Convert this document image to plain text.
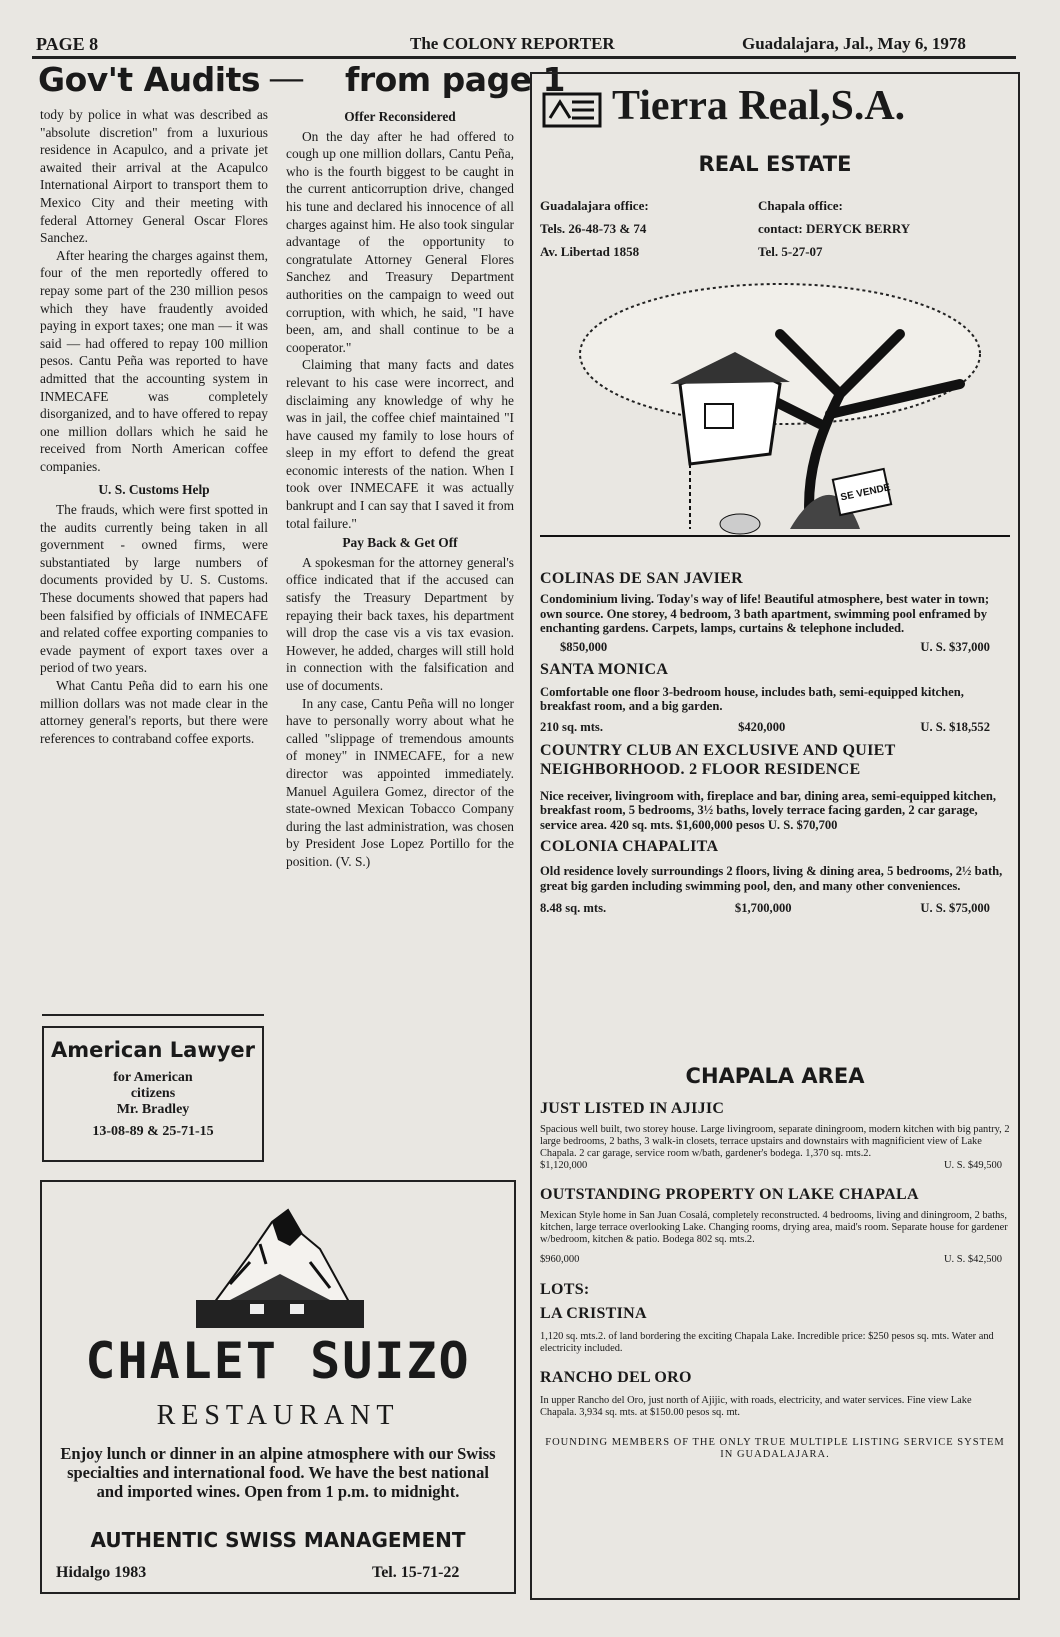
PAGE 8	The COLONY REPORTER	Guadalajara, Jal., May 6, 1978
Gov't Audits — from page 1

tody by police in what was described as "absolute discretion" from a luxurious residence in Acapulco, and a private jet awaited their arrival at the Acapulco International Airport to transport them to Mexico City and their meeting with federal Attorney General Oscar Flores Sanchez.

After hearing the charges against them, four of the men reportedly offered to repay some part of the 230 million pesos which they have fraudently avoided paying in export taxes; one man — it was said — had offered to repay 100 million pesos. Cantu Peña was reported to have admitted that the accounting system in INMECAFE was completely disorganized, and to have offered to repay one million dollars which he said he received from North American coffee companies.

U. S. Customs Help

The frauds, which were first spotted in the audits currently being taken in all government - owned firms, were substantiated by large numbers of documents provided by U. S. Customs. These documents showed that papers had been falsified by officials of INMECAFE and related coffee exporting companies to evade payment of export taxes over a period of two years.

What Cantu Peña did to earn his one million dollars was not made clear in the attorney general's reports, but there were references to contraband coffee exports.

Offer Reconsidered

On the day after he had offered to cough up one million dollars, Cantu Peña, who is the fourth biggest to be caught in the current anticorruption drive, changed his tune and declared his innocence of all charges against him. He also took singular advantage of the opportunity to congratulate Attorney General Flores Sanchez and Treasury Department authorities on the campaign to weed out corruption, with which, he said, "I have been, am, and shall continue to be a cooperator."

Claiming that many facts and dates relevant to his case were incorrect, and disclaiming any knowledge of why he was in jail, the coffee chief maintained "I have caused my family to lose hours of sleep in my effort to defend the great economic interests of the nation. When I took over INMECAFE it was actually bankrupt and I can say that I saved it from total failure."

Pay Back & Get Off

A spokesman for the attorney general's office indicated that if the accused can satisfy the Treasury Department by repaying their back taxes, his department will drop the case vis a vis tax evasion. However, he added, charges will still hold in connection with the falsification and use of documents.

In any case, Cantu Peña will no longer have to personally worry about what he called "slippage of tremendous amounts of money" in INMECAFE, for a new director was appointed immediately. Manuel Aguilera Gomez, director of the state-owned Mexican Tobacco Company during the last administration, was chosen by President Jose Lopez Portillo for the position. (V. S.)

American Lawyer
for American
citizens
Mr. Bradley
13-08-89 & 25-71-15
CHALET SUIZO
RESTAURANT
Enjoy lunch or dinner in an alpine atmosphere with our Swiss specialties and international food. We have the best national and imported wines. Open from 1 p.m. to midnight.
AUTHENTIC SWISS MANAGEMENT
Hidalgo 1983	Tel. 15-71-22
Tierra Real,S.A.
REAL ESTATE
Guadalajara office:
Tels. 26-48-73 & 74
Av. Libertad 1858
Chapala office:
contact: DERYCK BERRY
Tel. 5-27-07
SE VENDE
COLINAS DE SAN JAVIER
Condominium living. Today's way of life! Beautiful atmosphere, best water in town; own source. One storey, 4 bedroom, 3 bath apartment, swimming pool enframed by enchanting gardens. Carpets, lamps, curtains & telephone included.
$850,000	U. S. $37,000
SANTA MONICA
Comfortable one floor 3-bedroom house, includes bath, semi-equipped kitchen, breakfast room, and a big garden.
210 sq. mts.	$420,000	U. S. $18,552
COUNTRY CLUB AN EXCLUSIVE AND QUIET NEIGHBORHOOD. 2 FLOOR RESIDENCE
Nice receiver, livingroom with, fireplace and bar, dining area, semi-equipped kitchen, breakfast room, 5 bedrooms, 3½ baths, lovely terrace facing garden, 2 car garage, service area. 420 sq. mts. $1,600,000 pesos U. S. $70,700
COLONIA CHAPALITA
Old residence lovely surroundings 2 floors, living & dining area, 5 bedrooms, 2½ bath, great big garden including swimming pool, den, and many other conveniences.
8.48 sq. mts.	$1,700,000	U. S. $75,000
CHAPALA AREA
JUST LISTED IN AJIJIC
Spacious well built, two storey house. Large livingroom, separate diningroom, modern kitchen with big pantry, 2 large bedrooms, 2 baths, 3 walk-in closets, terrace upstairs and downstairs with magnificient view of Lake Chapala. 2 car garage, service room w/bath, gardener's bodega. 1,370 sq. mts.2.
$1,120,000	U. S. $49,500
OUTSTANDING PROPERTY ON LAKE CHAPALA
Mexican Style home in San Juan Cosalá, completely reconstructed. 4 bedrooms, living and diningroom, 2 baths, kitchen, large terrace overlooking Lake. Changing rooms, drying area, maid's room. Separate house for gardener w/bedroom, kitchen & patio. Bodega 802 sq. mts.2.
$960,000	U. S. $42,500
LOTS:
LA CRISTINA
1,120 sq. mts.2. of land bordering the exciting Chapala Lake. Incredible price: $250 pesos sq. mts. Water and electricity included.
RANCHO DEL ORO
In upper Rancho del Oro, just north of Ajijic, with roads, electricity, and water services. Fine view Lake Chapala. 3,934 sq. mts. at $150.00 pesos sq. mt.
FOUNDING MEMBERS OF THE ONLY TRUE MULTIPLE LISTING SERVICE SYSTEM IN GUADALAJARA.
